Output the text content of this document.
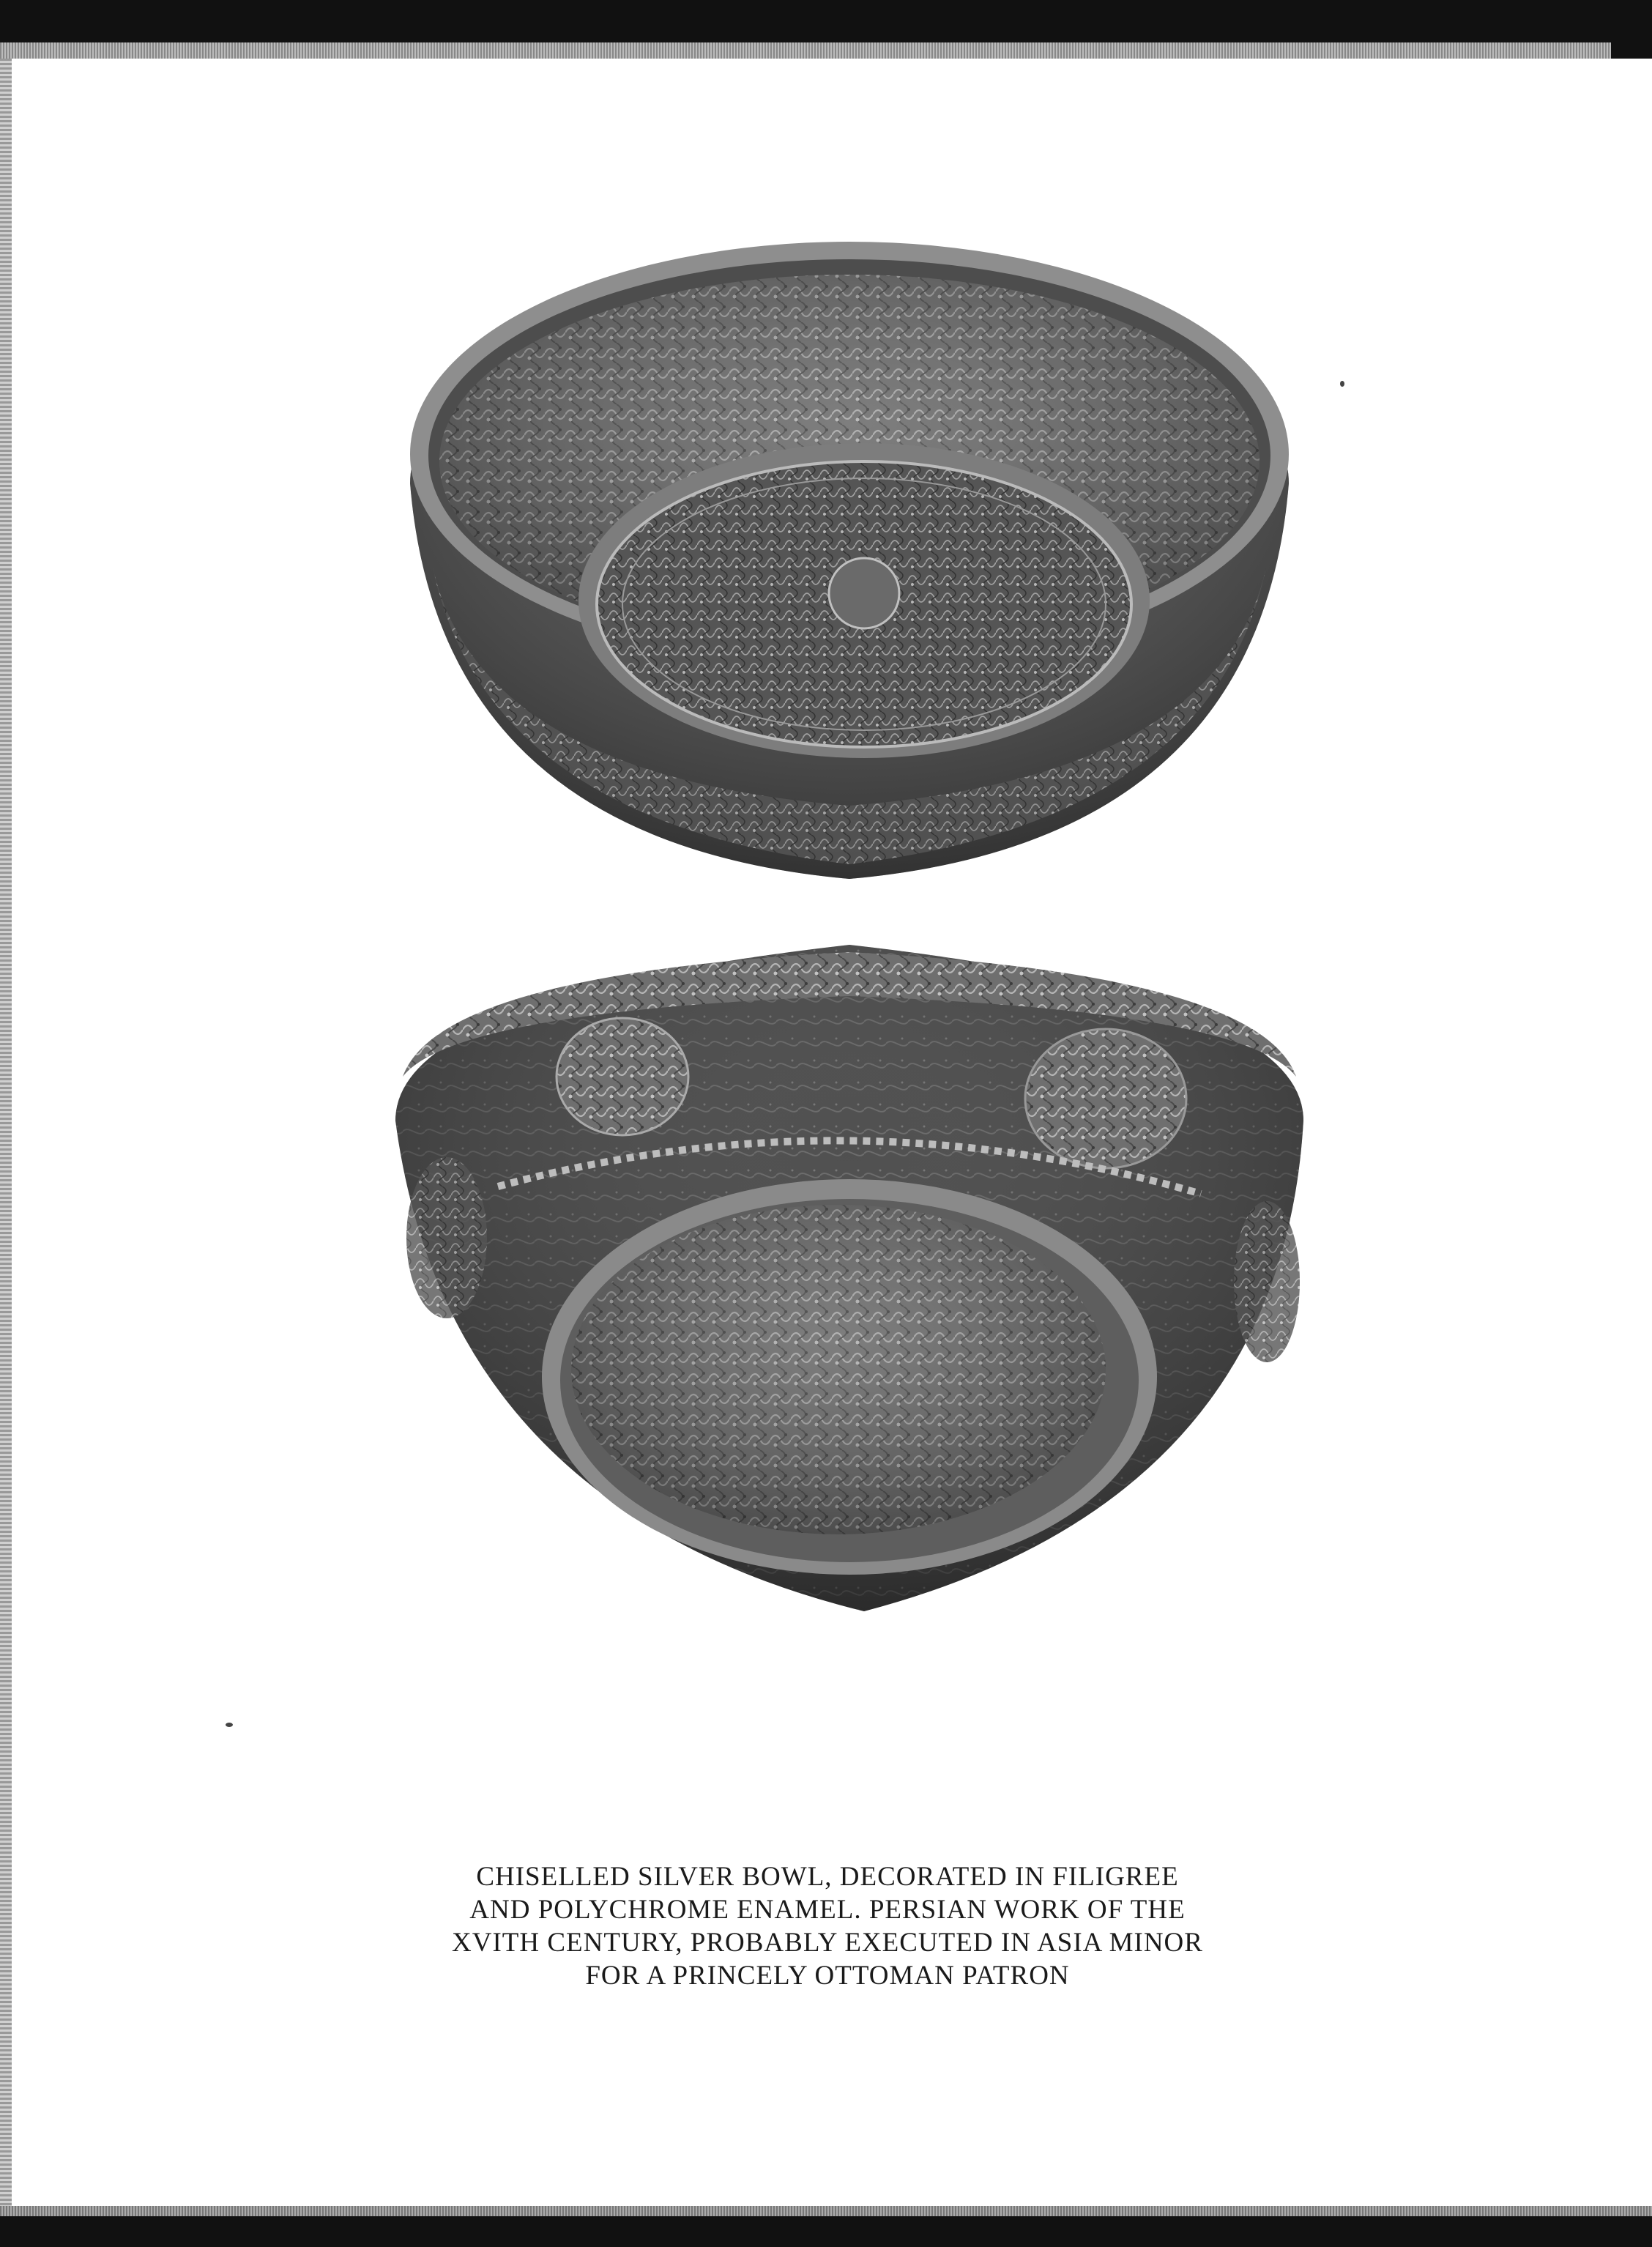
CHISELLED SILVER BOWL, DECORATED IN FILIGREE
AND POLYCHROME ENAMEL. PERSIAN WORK OF THE
XVITH CENTURY, PROBABLY EXECUTED IN ASIA MINOR
FOR A PRINCELY OTTOMAN PATRON
